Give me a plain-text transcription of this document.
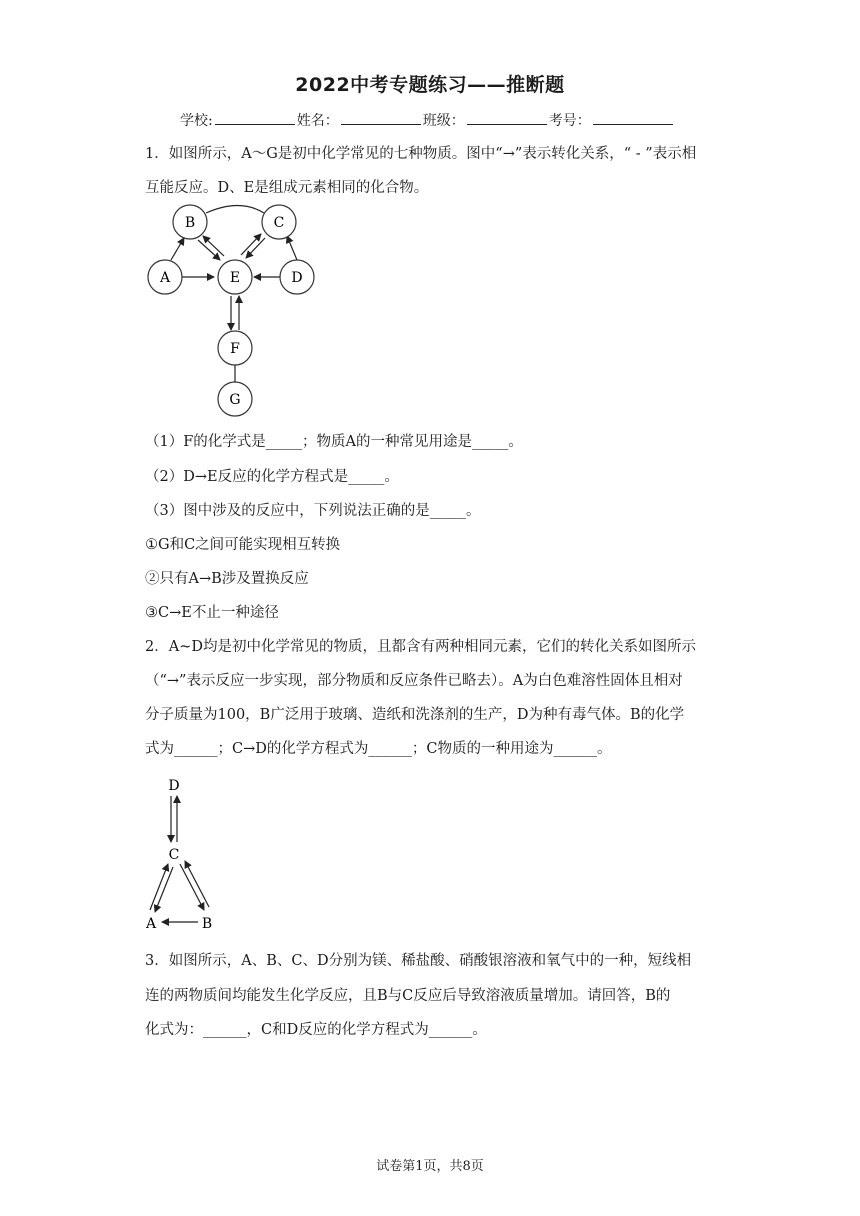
2022中考专题练习——推断题
学校:	姓名：	班级：	考号：
1．如图所示，A～G是初中化学常见的七种物质。图中“→”表示转化关系，“ - ”表示相
互能反应。D、E是组成元素相同的化合物。
A
B	C
D
E
F
G
（1）F的化学式是_____；物质A的一种常见用途是_____。
（2）D→E反应的化学方程式是_____。
（3）图中涉及的反应中，下列说法正确的是_____。
①G和C之间可能实现相互转换
②只有A→B涉及置换反应
③C→E不止一种途径
2．A~D均是初中化学常见的物质，且都含有两种相同元素，它们的转化关系如图所示
（“→”表示反应一步实现，部分物质和反应条件已略去）。A为白色难溶性固体且相对
分子质量为100，B广泛用于玻璃、造纸和洗涤剂的生产，D为种有毒气体。B的化学
式为______；C→D的化学方程式为______；C物质的一种用途为______。
D
C
A	B
3．如图所示，A、B、C、D分别为镁、稀盐酸、硝酸银溶液和氧气中的一种，短线相
连的两物质间均能发生化学反应，且B与C反应后导致溶液质量增加。请回答，B的
化式为：______，C和D反应的化学方程式为______。
试卷第1页，共8页
